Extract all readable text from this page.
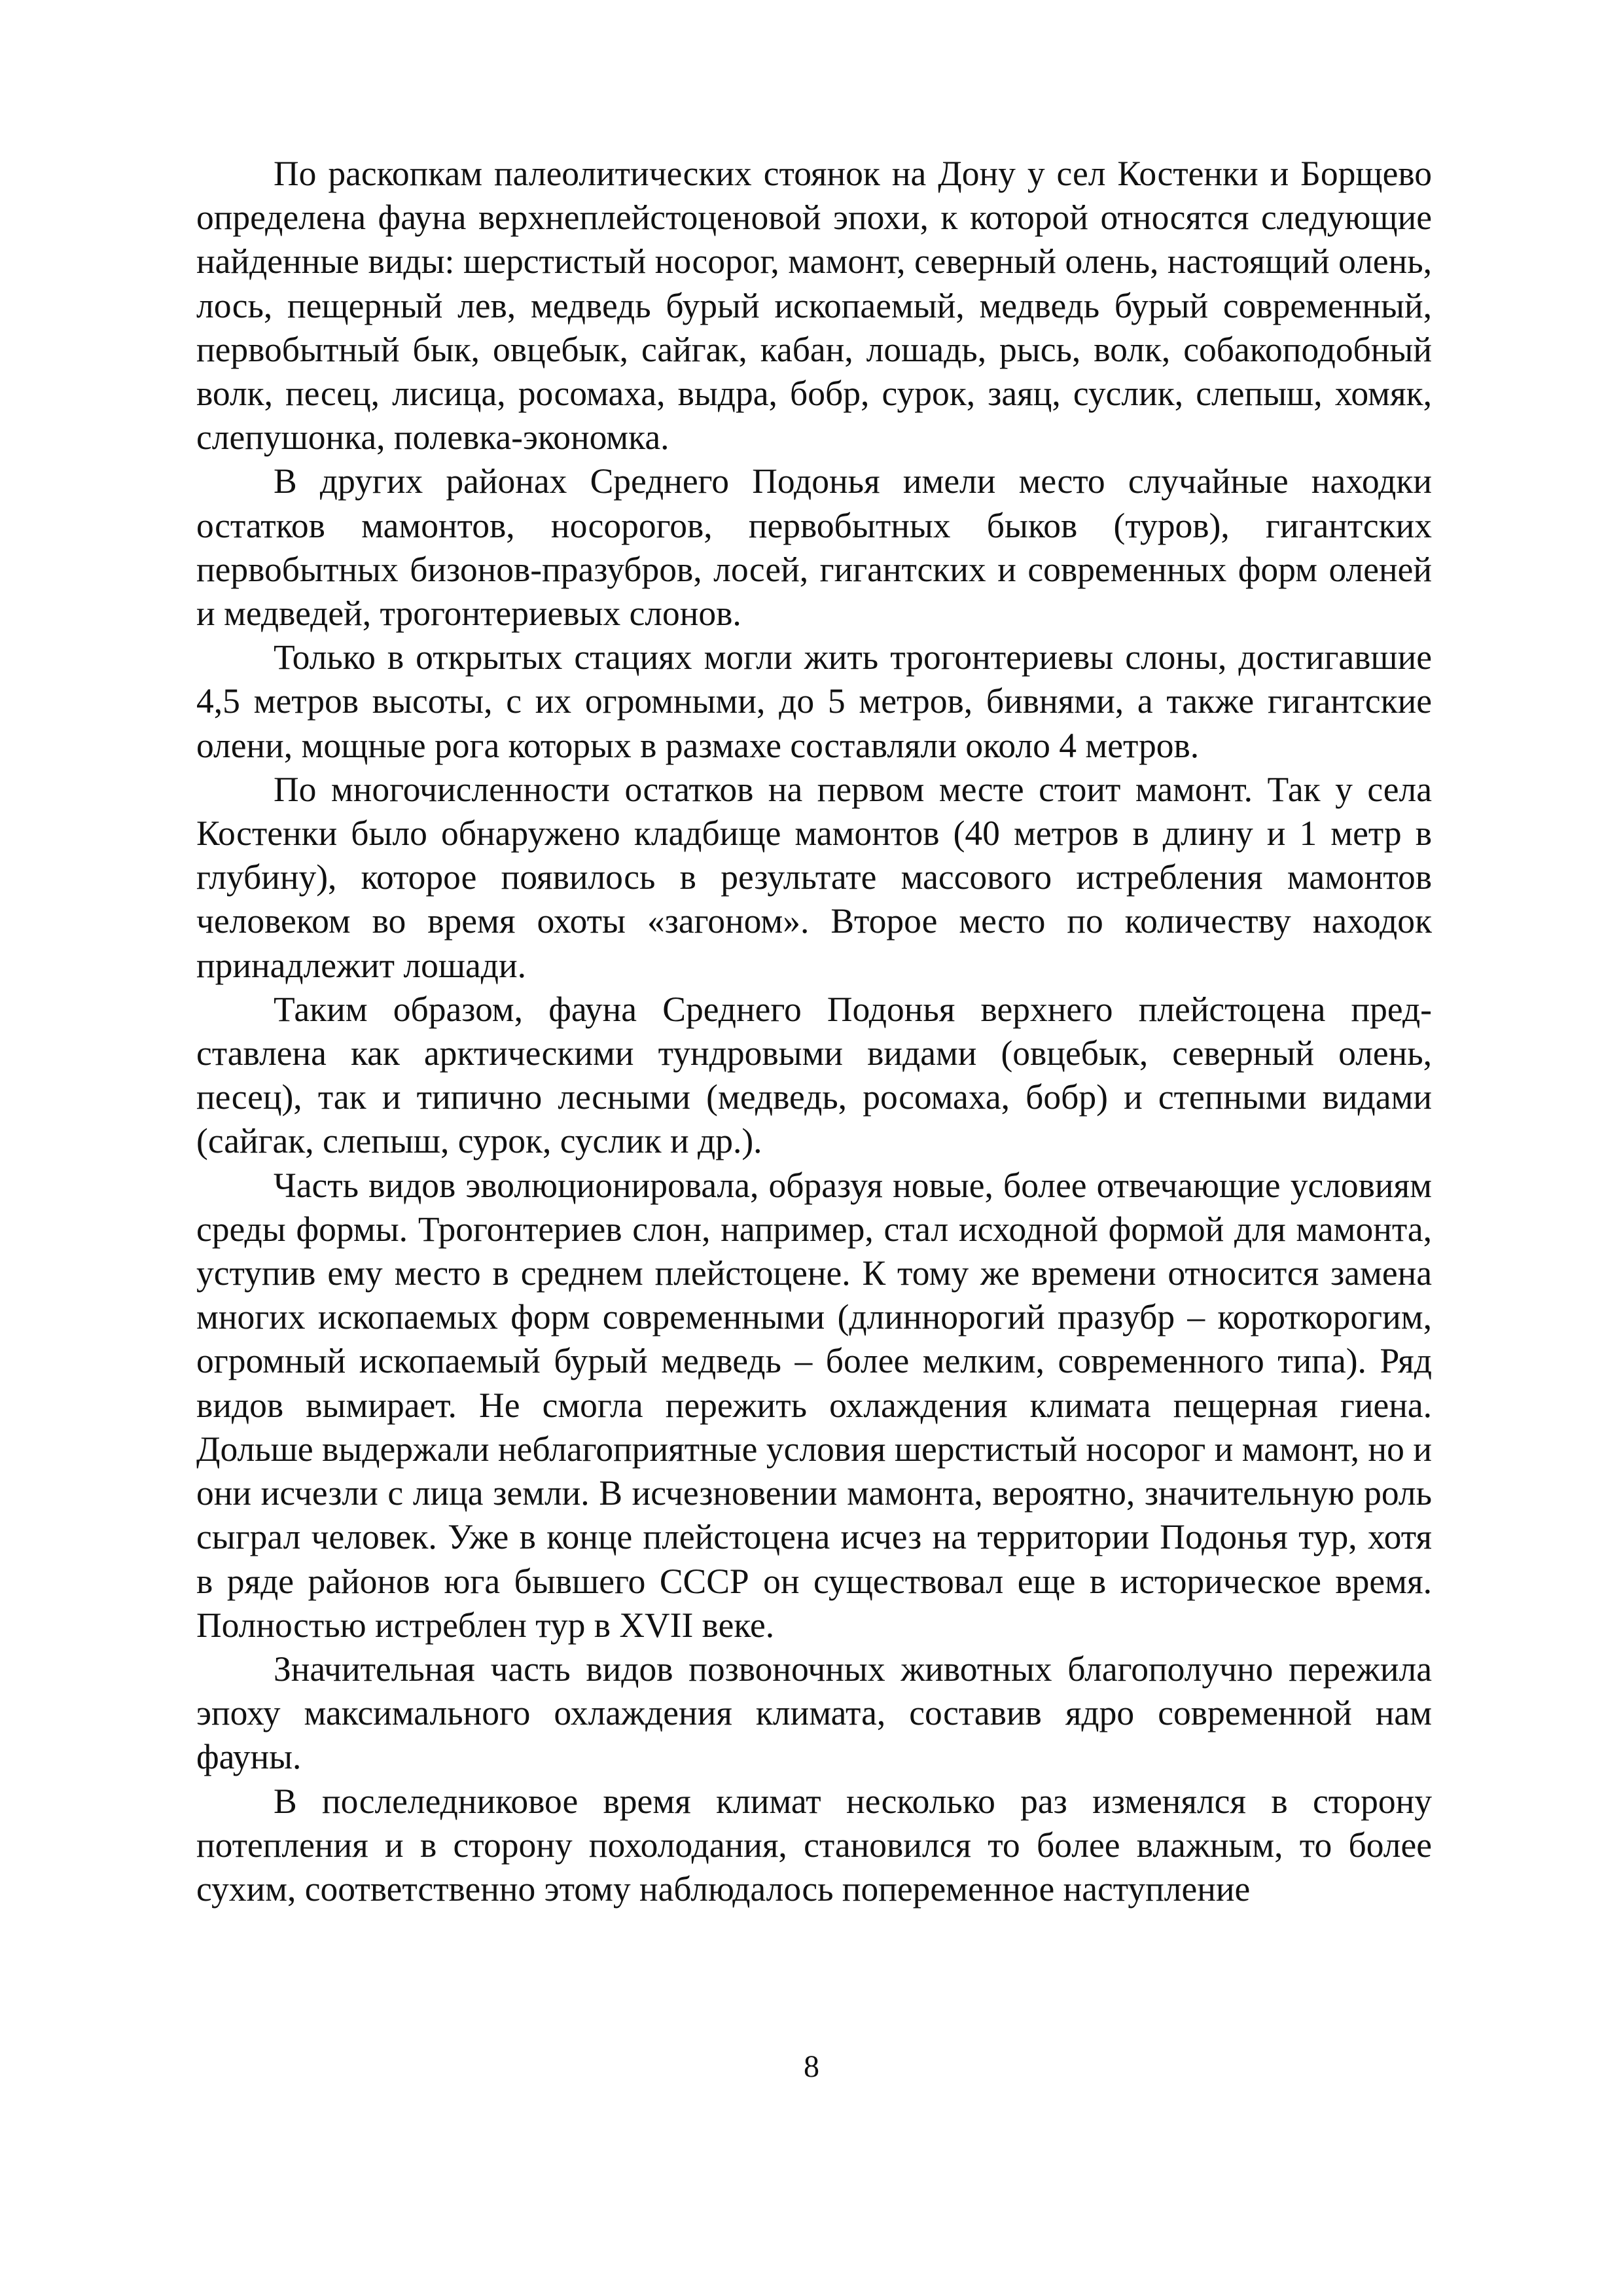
По раскопкам палеолитических стоянок на Дону у сел Костенки и Борщево определена фауна верхнеплейстоценовой эпохи, к которой относятся следующие найденные виды: шерстистый носорог, мамонт, северный олень, настоящий олень, лось, пещерный лев, медведь бурый ископаемый, медведь бурый современный, первобытный бык, овцебык, сайгак, кабан, лошадь, рысь, волк, собакоподобный волк, песец, лисица, росомаха, выдра, бобр, сурок, заяц, суслик, слепыш, хомяк, слепушонка, полевка-экономка.

В других районах Среднего Подонья имели место случайные находки остатков мамонтов, носорогов, первобытных быков (туров), гигантских первобытных бизонов-празубров, лосей, гигантских и современных форм оленей и медведей, трогонтериевых слонов.

Только в открытых стациях могли жить трогонтериевы слоны, достигавшие 4,5 метров высоты, с их огромными, до 5 метров, бивнями, а также гигантские олени, мощные рога которых в размахе составляли около 4 метров.

По многочисленности остатков на первом месте стоит мамонт. Так у села Костенки было обнаружено кладбище мамонтов (40 метров в длину и 1 метр в глубину), которое появилось в результате массового истребления мамонтов человеком во время охоты «загоном». Второе место по количеству находок принадлежит лошади.

Таким образом, фауна Среднего Подонья верхнего плейстоцена представлена как арктическими тундровыми видами (овцебык, северный олень, песец), так и типично лесными (медведь, росомаха, бобр) и степными видами (сайгак, слепыш, сурок, суслик и др.).

Часть видов эволюционировала, образуя новые, более отвечающие условиям среды формы. Трогонтериев слон, например, стал исходной формой для мамонта, уступив ему место в среднем плейстоцене. К тому же времени относится замена многих ископаемых форм современными (длиннорогий празубр – короткорогим, огромный ископаемый бурый медведь – более мелким, современного типа). Ряд видов вымирает. Не смогла пережить охлаждения климата пещерная гиена. Дольше выдержали неблагоприятные условия шерстистый носорог и мамонт, но и они исчезли с лица земли. В исчезновении мамонта, вероятно, значительную роль сыграл человек. Уже в конце плейстоцена исчез на территории Подонья тур, хотя в ряде районов юга бывшего СССР он существовал еще в историческое время. Полностью истреблен тур в XVII веке.

Значительная часть видов позвоночных животных благополучно пережила эпоху максимального охлаждения климата, составив ядро современной нам фауны.

В послеледниковое время климат несколько раз изменялся в сторону потепления и в сторону похолодания, становился то более влажным, то более сухим, соответственно этому наблюдалось попеременное наступление

8
